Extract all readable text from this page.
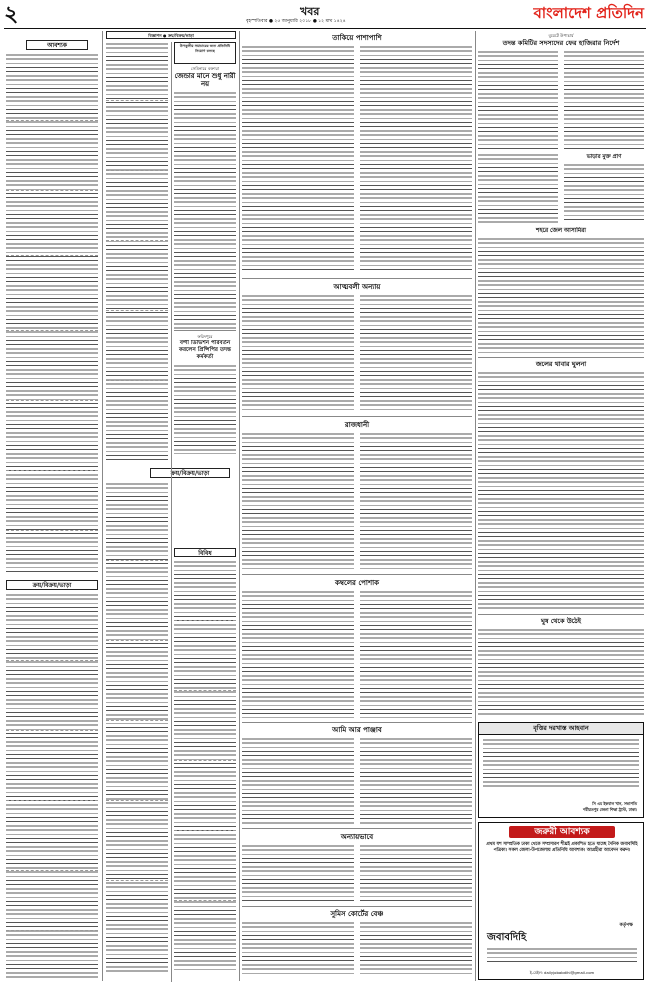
২	খবর
বৃহস্পতিবার ● ২৫ জানুয়ারি ২০১৮ ● ১২ মাঘ ১৪২৪	বাংলাদেশ প্রতিদিন
বিজ্ঞাপন ● ক্রয়/বিক্রয়/ভাড়া
আবশ্যক
ক্রয়/বিক্রয়/ভাড়া
ক্রয়/বিক্রয়/ভাড়া
উপকূলীয় সমাচারের জন্য প্রতিনিধি নিয়োগ চলছে
সেমিনারে বক্তারা
জেন্ডার মানে শুধু নারী নয়
ফরিদপুরে
বন্দী ডিভিশন পরিবর্তন করলেন প্রিন্সিপির তদন্ত কর্মকর্তা
বিবিধ
তাকিয়ে পাশাপাশি
আত্মবলী অন্যায়
রাজধানী
কম্বলের পোশাক
আমি আর পাঞ্জাব
অন্যায়ভাবে
সুমিস কোর্টের বেঞ্চ
বুয়েটে উপাচার্য
তদন্ত কমিটির সদস্যদের ফের হাজিরার নির্দেশ
ভাড়ার মুক্ত প্রাণ
শহরে জেল আসামিরা
জলের থাবার ঘুলনা
ঘুষ থেকে উঠেই
বৃত্তির দরখাস্ত আহবান
সি এম ইকবাল খান, সভাপতি
শরীয়তপুর জেলা শিক্ষা ট্রাস্ট, ঢাকা।
জরুরী আবশ্যক
প্রথম যশ সাম্প্রতিক ঢাকা থেকে সম্প্রসারণ শীঘ্রই প্রকাশিত হতে যাচ্ছে দৈনিক জবাবদিহি পত্রিকা। সকল জেলা-উপজেলায় প্রতিনিধি আবশ্যক। আগ্রহীরা আবেদন করুন।
কর্তৃপক্ষ
জবাবদিহি
ই-মেইল: dailyjobabdihi@gmail.com
